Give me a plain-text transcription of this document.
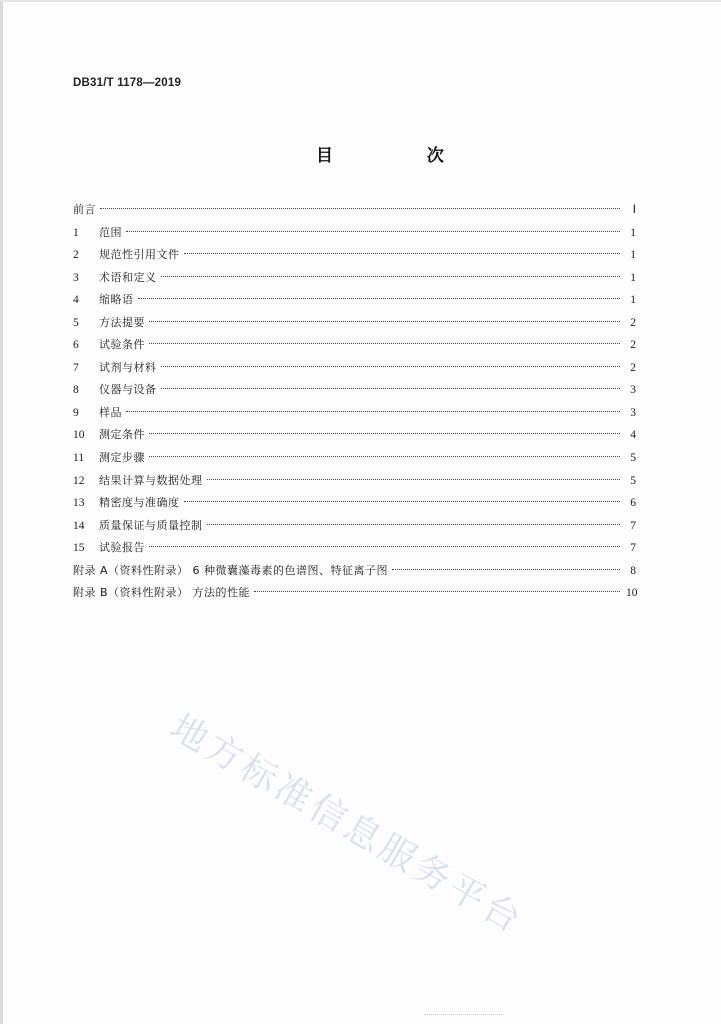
DB31/T 1178—2019
目 次
前言	Ⅰ
1	范围	1
2	规范性引用文件	1
3	术语和定义	1
4	缩略语	1
5	方法提要	2
6	试验条件	2
7	试剂与材料	2
8	仪器与设备	3
9	样品	3
10	测定条件	4
11	测定步骤	5
12	结果计算与数据处理	5
13	精密度与准确度	6
14	质量保证与质量控制	7
15	试验报告	7
附录 A（资料性附录） 6 种微囊藻毒素的色谱图、特征离子图	8
附录 B（资料性附录） 方法的性能	10
地方标准信息服务平台
